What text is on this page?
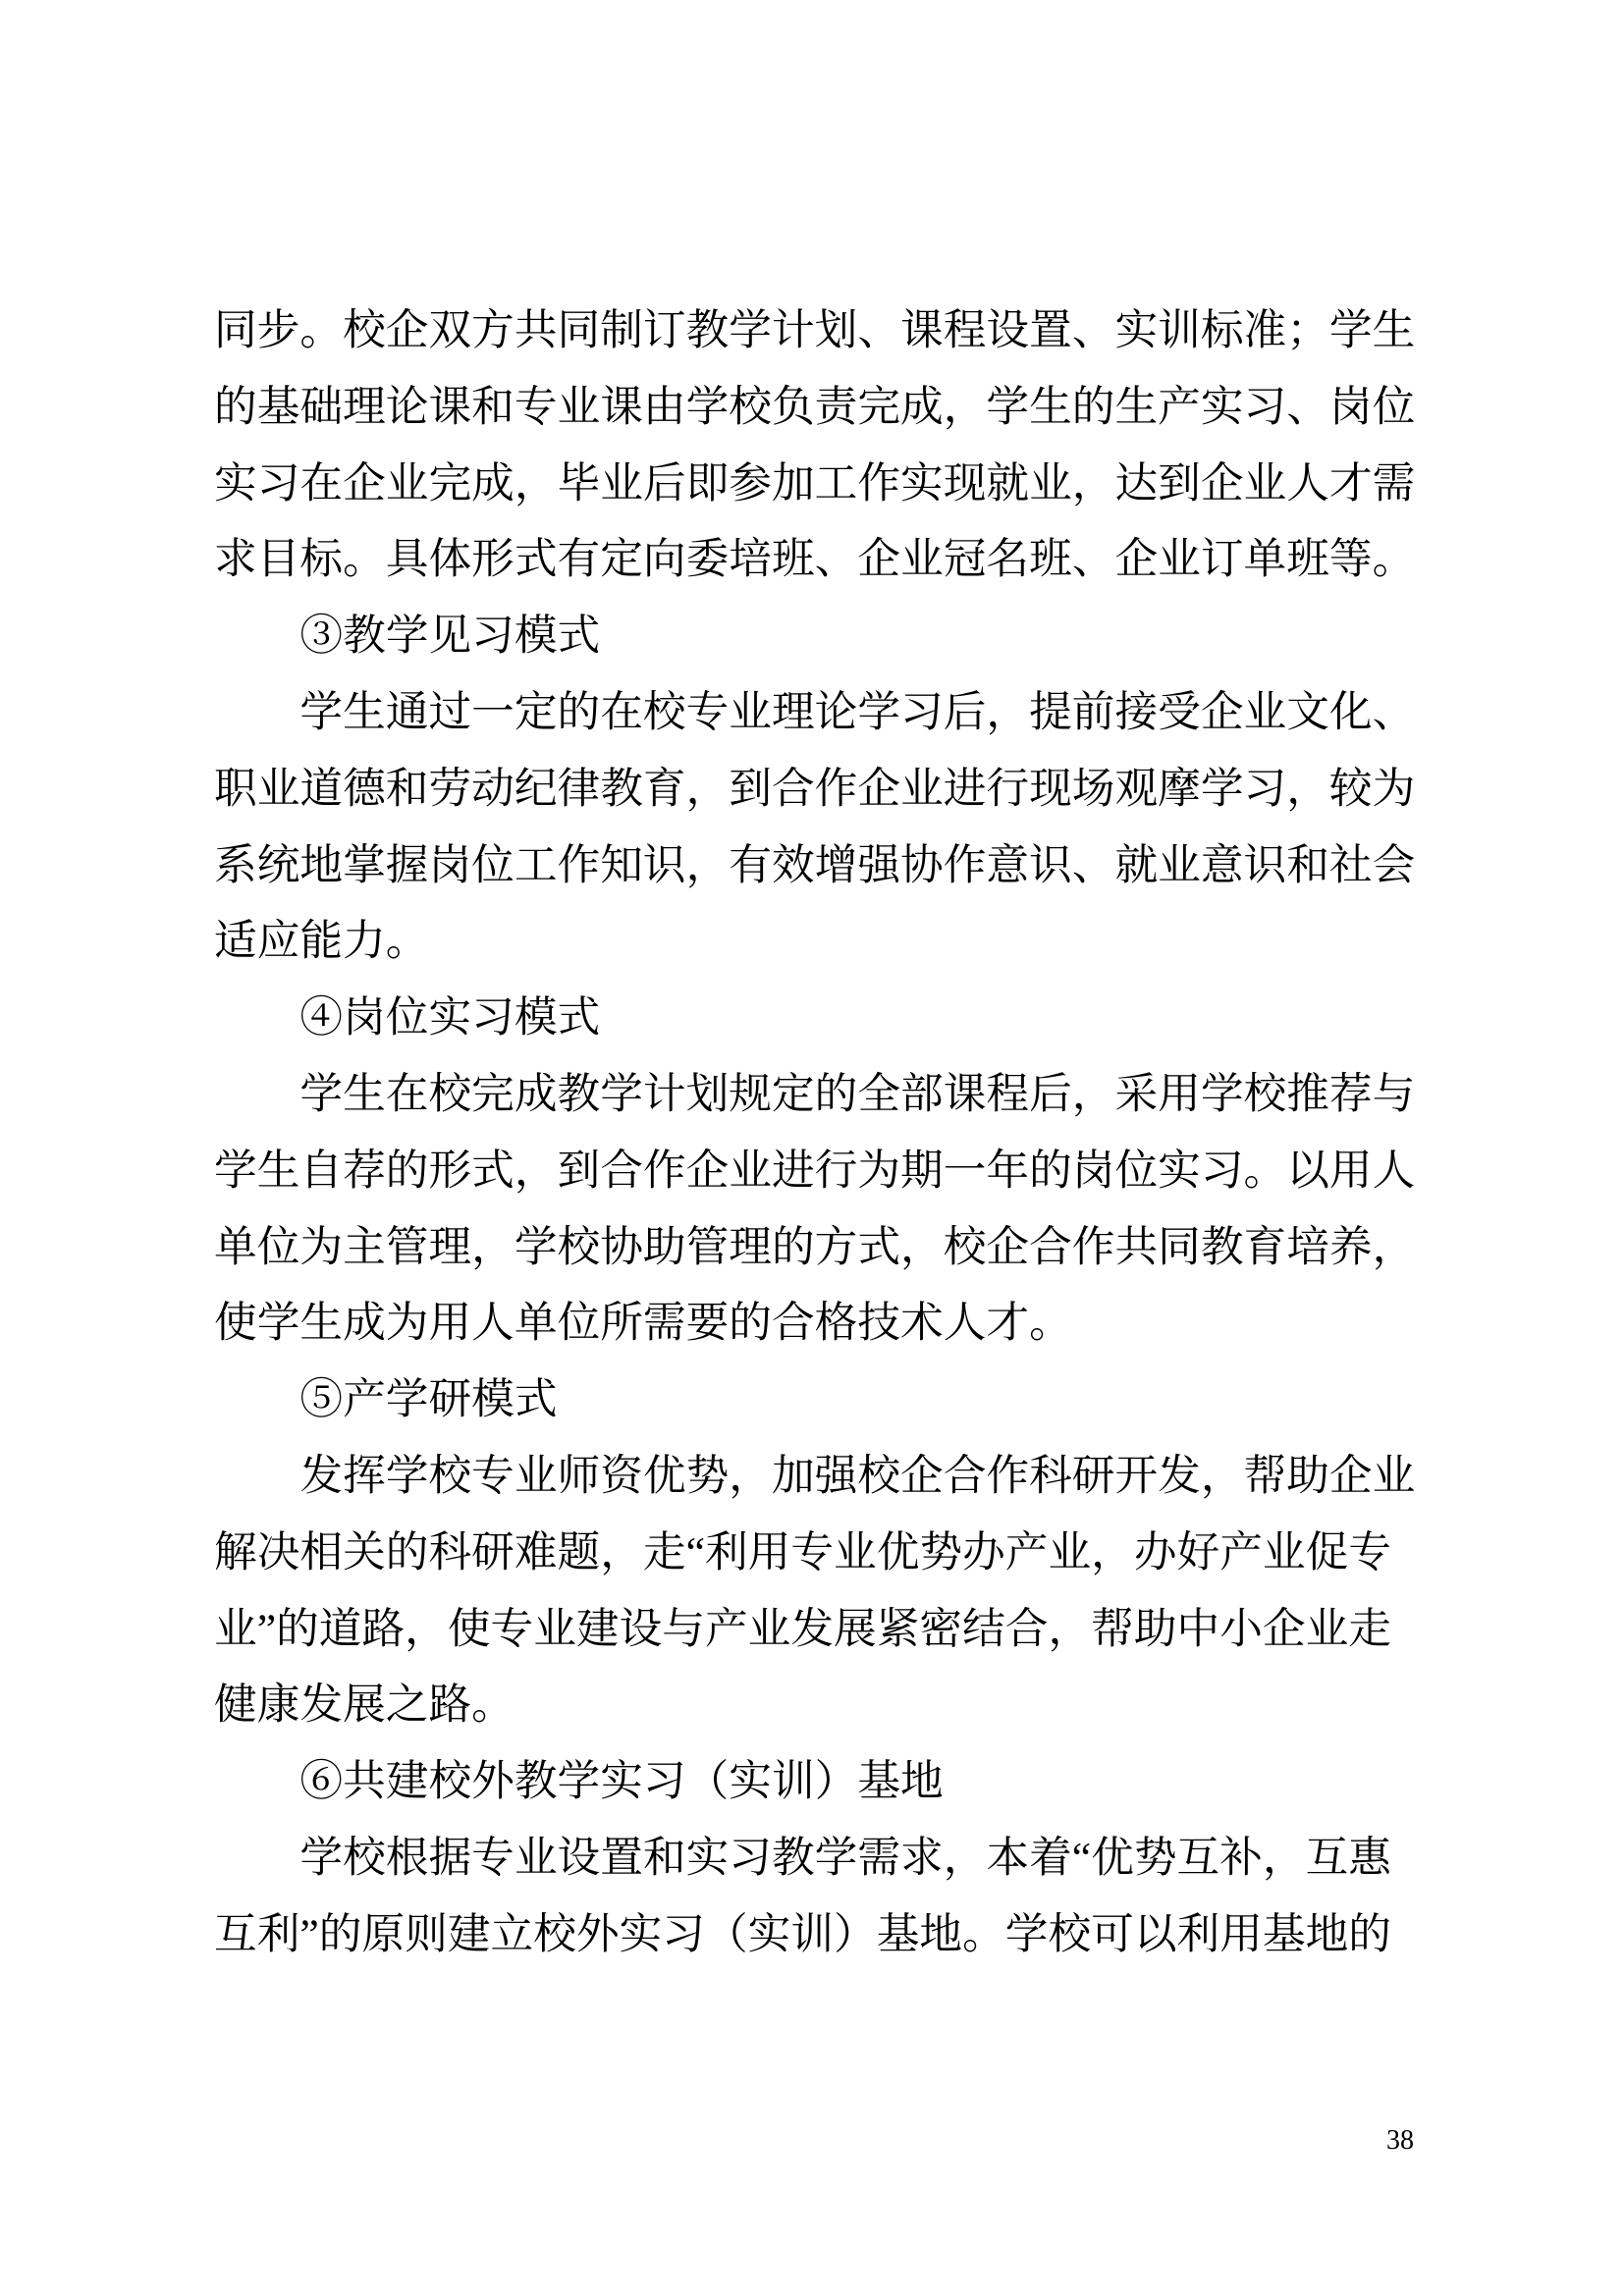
同步。校企双方共同制订教学计划、课程设置、实训标准；学生
的基础理论课和专业课由学校负责完成，学生的生产实习、岗位
实习在企业完成，毕业后即参加工作实现就业，达到企业人才需
求目标。具体形式有定向委培班、企业冠名班、企业订单班等。
③教学见习模式
学生通过一定的在校专业理论学习后，提前接受企业文化、
职业道德和劳动纪律教育，到合作企业进行现场观摩学习，较为
系统地掌握岗位工作知识，有效增强协作意识、就业意识和社会
适应能力。
④岗位实习模式
学生在校完成教学计划规定的全部课程后，采用学校推荐与
学生自荐的形式，到合作企业进行为期一年的岗位实习。以用人
单位为主管理，学校协助管理的方式，校企合作共同教育培养，
使学生成为用人单位所需要的合格技术人才。
⑤产学研模式
发挥学校专业师资优势，加强校企合作科研开发，帮助企业
解决相关的科研难题，走“利用专业优势办产业，办好产业促专
业”的道路，使专业建设与产业发展紧密结合，帮助中小企业走
健康发展之路。
⑥共建校外教学实习（实训）基地
学校根据专业设置和实习教学需求，本着“优势互补，互惠
互利”的原则建立校外实习（实训）基地。学校可以利用基地的
38
